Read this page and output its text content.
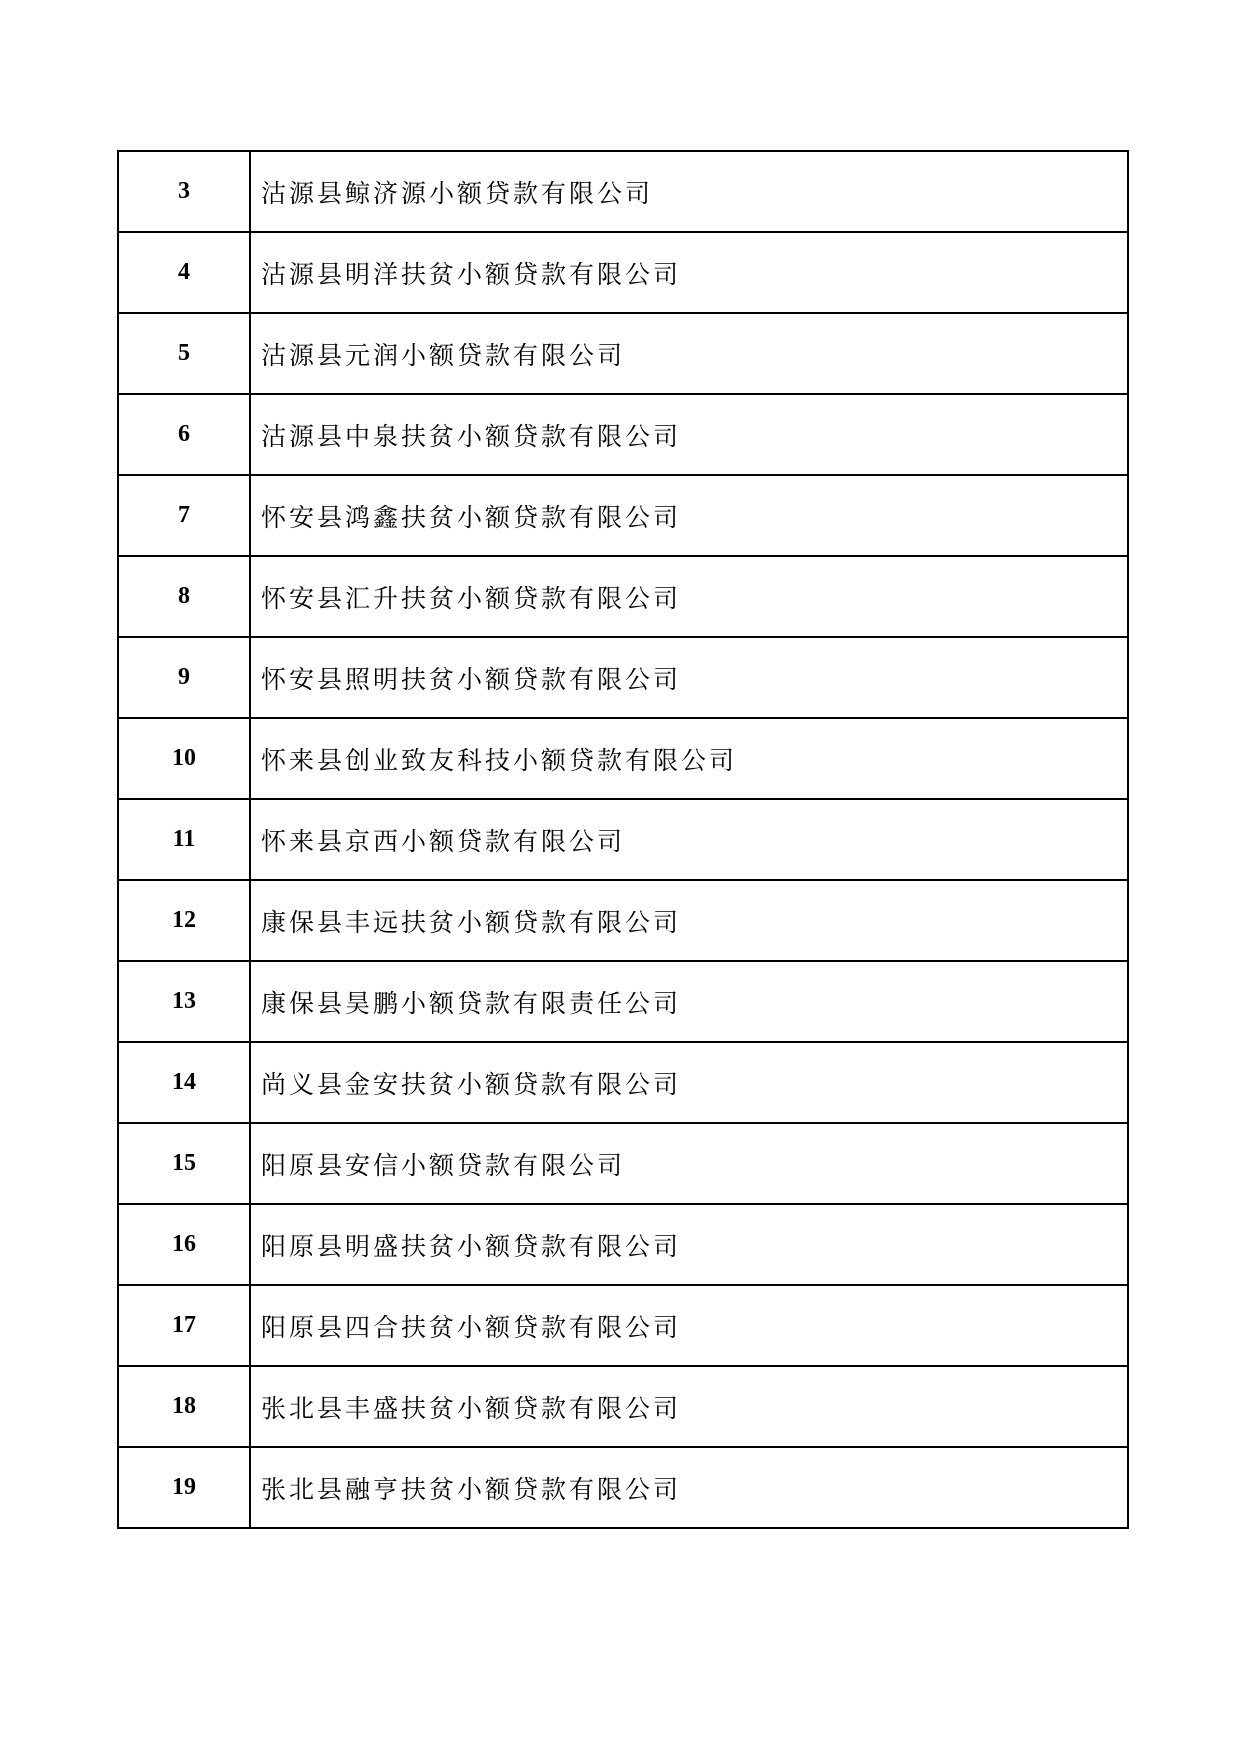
3	沽源县鲸济源小额贷款有限公司
4	沽源县明洋扶贫小额贷款有限公司
5	沽源县元润小额贷款有限公司
6	沽源县中泉扶贫小额贷款有限公司
7	怀安县鸿鑫扶贫小额贷款有限公司
8	怀安县汇升扶贫小额贷款有限公司
9	怀安县照明扶贫小额贷款有限公司
10	怀来县创业致友科技小额贷款有限公司
11	怀来县京西小额贷款有限公司
12	康保县丰远扶贫小额贷款有限公司
13	康保县昊鹏小额贷款有限责任公司
14	尚义县金安扶贫小额贷款有限公司
15	阳原县安信小额贷款有限公司
16	阳原县明盛扶贫小额贷款有限公司
17	阳原县四合扶贫小额贷款有限公司
18	张北县丰盛扶贫小额贷款有限公司
19	张北县融亨扶贫小额贷款有限公司
